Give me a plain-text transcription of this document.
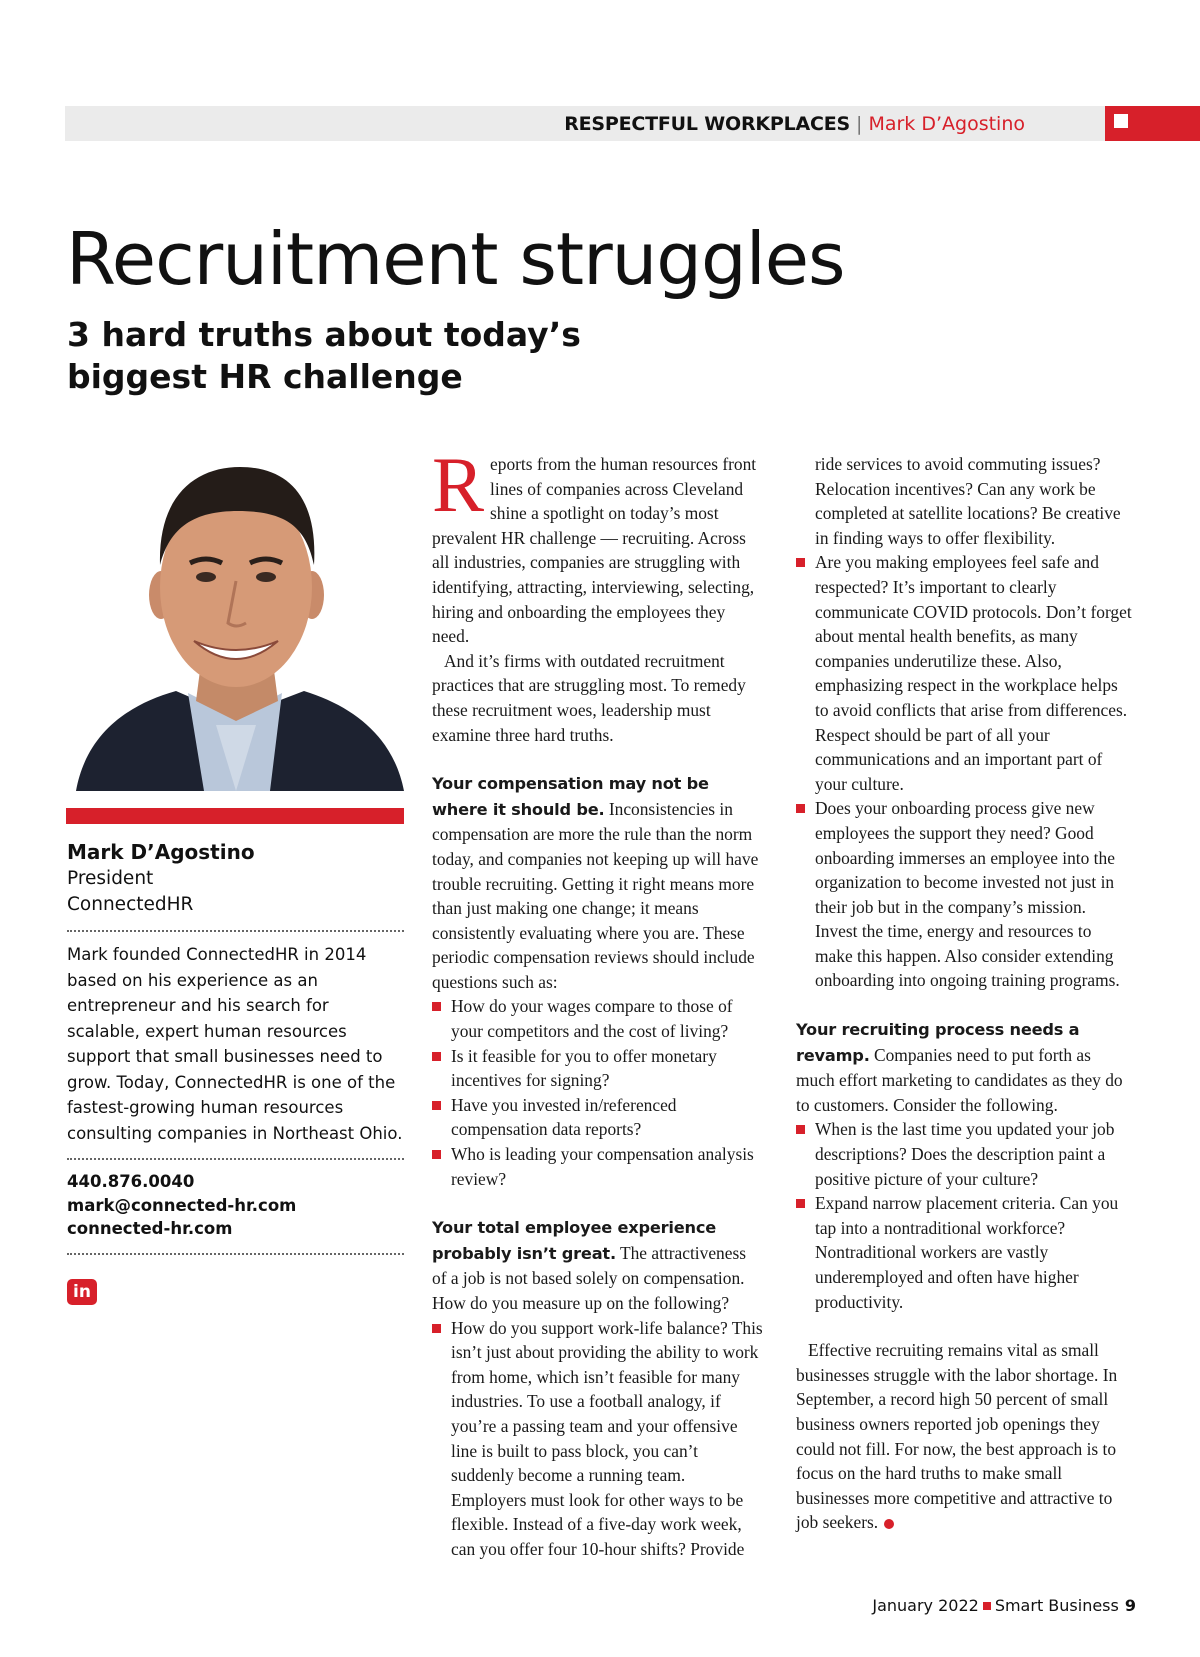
RESPECTFUL WORKPLACES | Mark D’Agostino
Recruitment struggles
3 hard truths about today’s
biggest HR challenge
Mark D’Agostino
President
ConnectedHR
Mark founded ConnectedHR in 2014 based on his experience as an entrepreneur and his search for scalable, expert human resources support that small businesses need to grow. Today, ConnectedHR is one of the fastest-growing human resources consulting companies in Northeast Ohio.
440.876.0040
mark@connected-hr.com
connected-hr.com
in

Reports from the human resources front lines of companies across Cleveland shine a spotlight on today’s most prevalent HR challenge — recruiting. Across all industries, companies are struggling with identifying, attracting, interviewing, selecting, hiring and onboarding the employees they need.

And it’s firms with outdated recruitment practices that are struggling most. To remedy these recruitment woes, leadership must examine three hard truths.

Your compensation may not be where it should be. Inconsistencies in compensation are more the rule than the norm today, and companies not keeping up will have trouble recruiting. Getting it right means more than just making one change; it means consistently evaluating where you are. These periodic compensation reviews should include questions such as:

How do your wages compare to those of your competitors and the cost of living?
Is it feasible for you to offer monetary incentives for signing?
Have you invested in/referenced compensation data reports?
Who is leading your compensation analysis review?

Your total employee experience probably isn’t great. The attractiveness of a job is not based solely on compensation. How do you measure up on the following?

How do you support work-life balance? This isn’t just about providing the ability to work from home, which isn’t feasible for many industries. To use a football analogy, if you’re a passing team and your offensive line is built to pass block, you can’t suddenly become a running team. Employers must look for other ways to be flexible. Instead of a five-day work week, can you offer four 10-hour shifts? Provide

ride services to avoid commuting issues? Relocation incentives? Can any work be completed at satellite locations? Be creative in finding ways to offer flexibility.

Are you making employees feel safe and respected? It’s important to clearly communicate COVID protocols. Don’t forget about mental health benefits, as many companies underutilize these. Also, emphasizing respect in the workplace helps to avoid conflicts that arise from differences. Respect should be part of all your communications and an important part of your culture.
Does your onboarding process give new employees the support they need? Good onboarding immerses an employee into the organization to become invested not just in their job but in the company’s mission. Invest the time, energy and resources to make this happen. Also consider extending onboarding into ongoing training programs.

Your recruiting process needs a revamp. Companies need to put forth as much effort marketing to candidates as they do to customers. Consider the following.

When is the last time you updated your job descriptions? Does the description paint a positive picture of your culture?
Expand narrow placement criteria. Can you tap into a nontraditional workforce? Nontraditional workers are vastly underemployed and often have higher productivity.

Effective recruiting remains vital as small businesses struggle with the labor shortage. In September, a record high 50 percent of small business owners reported job openings they could not fill. For now, the best approach is to focus on the hard truths to make small businesses more competitive and attractive to job seekers.

January 2022 Smart Business 9
